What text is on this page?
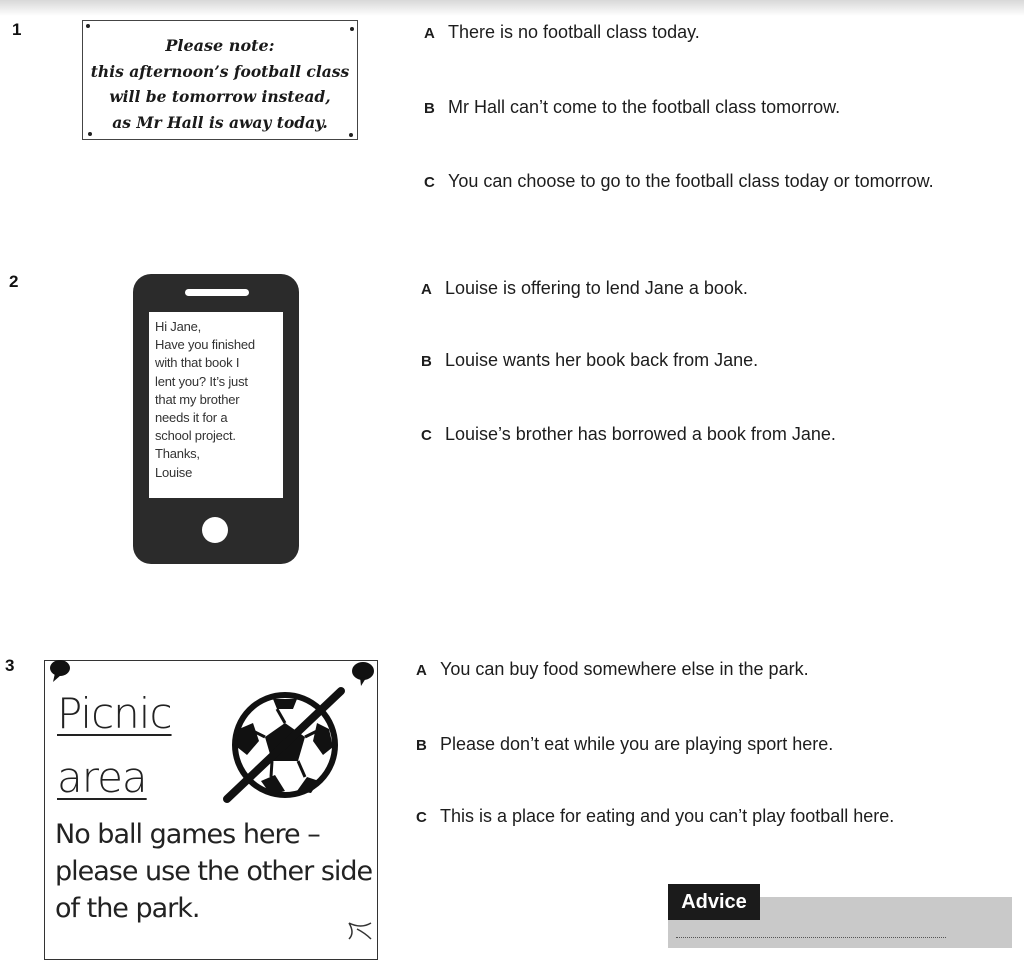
1
Please note:
this afternoon’s football class
will be tomorrow instead,
as Mr Hall is away today.
A There is no football class today.
B Mr Hall can’t come to the football class tomorrow.
C You can choose to go to the football class today or tomorrow.
2
Hi Jane,
Have you finished
with that book I
lent you? It’s just
that my brother
needs it for a
school project.
Thanks,
Louise
A Louise is offering to lend Jane a book.
B Louise wants her book back from Jane.
C Louise’s brother has borrowed a book from Jane.
3
Picnic
area
No ball games here –
please use the other side
of the park.
A You can buy food somewhere else in the park.
B Please don’t eat while you are playing sport here.
C This is a place for eating and you can’t play football here.
Advice
